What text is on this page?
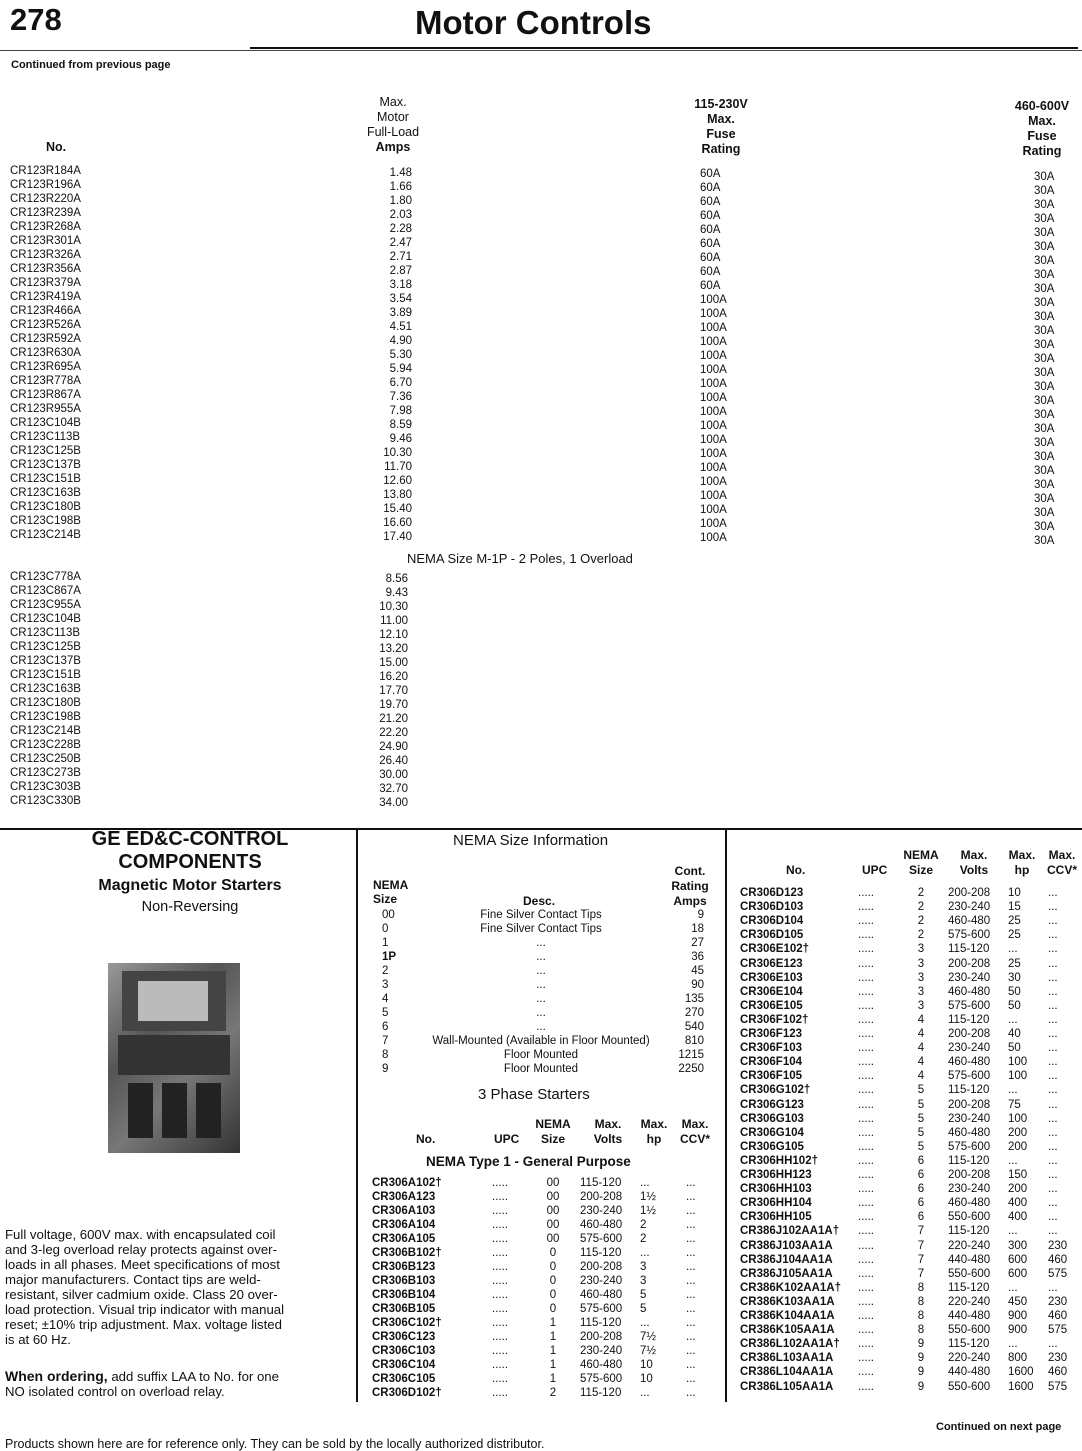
278	Motor Controls
Continued from previous page
No.
Max.
Motor
Full-Load
Amps
115-230V
Max.
Fuse
Rating
460-600V
Max.
Fuse
Rating
CR123R184A	1.48	60A	30A
CR123R196A	1.66	60A	30A
CR123R220A	1.80	60A	30A
CR123R239A	2.03	60A	30A
CR123R268A	2.28	60A	30A
CR123R301A	2.47	60A	30A
CR123R326A	2.71	60A	30A
CR123R356A	2.87	60A	30A
CR123R379A	3.18	60A	30A
CR123R419A	3.54	100A	30A
CR123R466A	3.89	100A	30A
CR123R526A	4.51	100A	30A
CR123R592A	4.90	100A	30A
CR123R630A	5.30	100A	30A
CR123R695A	5.94	100A	30A
CR123R778A	6.70	100A	30A
CR123R867A	7.36	100A	30A
CR123R955A	7.98	100A	30A
CR123C104B	8.59	100A	30A
CR123C113B	9.46	100A	30A
CR123C125B	10.30	100A	30A
CR123C137B	11.70	100A	30A
CR123C151B	12.60	100A	30A
CR123C163B	13.80	100A	30A
CR123C180B	15.40	100A	30A
CR123C198B	16.60	100A	30A
CR123C214B	17.40	100A	30A
NEMA Size M-1P - 2 Poles, 1 Overload
CR123C778A	8.56
CR123C867A	9.43
CR123C955A	10.30
CR123C104B	11.00
CR123C113B	12.10
CR123C125B	13.20
CR123C137B	15.00
CR123C151B	16.20
CR123C163B	17.70
CR123C180B	19.70
CR123C198B	21.20
CR123C214B	22.20
CR123C228B	24.90
CR123C250B	26.40
CR123C273B	30.00
CR123C303B	32.70
CR123C330B	34.00
GE ED&C-CONTROL
COMPONENTS
Magnetic Motor Starters
Non-Reversing
Full voltage, 600V max. with encapsulated coil
and 3-leg overload relay protects against over-
loads in all phases. Meet specifications of most
major manufacturers. Contact tips are weld-
resistant, silver cadmium oxide. Class 20 over-
load protection. Visual trip indicator with manual
reset; ±10% trip adjustment. Max. voltage listed
is at 60 Hz.
When ordering, add suffix LAA to No. for one
NO isolated control on overload relay.
NEMA Size Information
NEMA
Size	Desc.
Cont.
Rating
Amps
00	Fine Silver Contact Tips	9
0	Fine Silver Contact Tips	18
1	...	27
1P	...	36
2	...	45
3	...	90
4	...	135
5	...	270
6	...	540
7	Wall-Mounted (Available in Floor Mounted)	810
8	Floor Mounted	1215
9	Floor Mounted	2250
3 Phase Starters
No.	UPC
NEMA
Size
Max.
Volts
Max.
hp
Max.
CCV*
NEMA Type 1 - General Purpose
CR306A102†	.....	00	115-120 ...	...
CR306A123	.....	00	200-208 1½	...
CR306A103	.....	00	230-240 1½	...
CR306A104	.....	00	460-480 2	...
CR306A105	.....	00	575-600 2	...
CR306B102†	.....	0	115-120 ...	...
CR306B123	.....	0	200-208 3	...
CR306B103	.....	0	230-240 3	...
CR306B104	.....	0	460-480 5	...
CR306B105	.....	0	575-600 5	...
CR306C102†	.....	1	115-120 ...	...
CR306C123	.....	1	200-208 7½	...
CR306C103	.....	1	230-240 7½	...
CR306C104	.....	1	460-480 10	...
CR306C105	.....	1	575-600 10	...
CR306D102†	.....	2	115-120 ...	...
No.	UPC
NEMA
Size
Max.
Volts
Max.
hp
Max.
CCV*
CR306D123	.....	2	200-208 10	...
CR306D103	.....	2	230-240 15	...
CR306D104	.....	2	460-480 25	...
CR306D105	.....	2	575-600 25	...
CR306E102†	.....	3	115-120 ...	...
CR306E123	.....	3	200-208 25	...
CR306E103	.....	3	230-240 30	...
CR306E104	.....	3	460-480 50	...
CR306E105	.....	3	575-600 50	...
CR306F102†	.....	4	115-120 ...	...
CR306F123	.....	4	200-208 40	...
CR306F103	.....	4	230-240 50	...
CR306F104	.....	4	460-480 100	...
CR306F105	.....	4	575-600 100	...
CR306G102†	.....	5	115-120 ...	...
CR306G123	.....	5	200-208 75	...
CR306G103	.....	5	230-240 100	...
CR306G104	.....	5	460-480 200	...
CR306G105	.....	5	575-600 200	...
CR306HH102†	.....	6	115-120 ...	...
CR306HH123	.....	6	200-208 150	...
CR306HH103	.....	6	230-240 200	...
CR306HH104	.....	6	460-480 400	...
CR306HH105	.....	6	550-600 400	...
CR386J102AA1A† .....	7	115-120 ...	...
CR386J103AA1A .....	7	220-240 300	230
CR386J104AA1A .....	7	440-480 600	460
CR386J105AA1A .....	7	550-600 600	575
CR386K102AA1A† .....	8	115-120 ...	...
CR386K103AA1A .....	8	220-240 450	230
CR386K104AA1A .....	8	440-480 900	460
CR386K105AA1A .....	8	550-600 900	575
CR386L102AA1A† .....	9	115-120 ...	...
CR386L103AA1A .....	9	220-240 800	230
CR386L104AA1A .....	9	440-480 1600	460
CR386L105AA1A .....	9	550-600 1600	575
Continued on next page
Products shown here are for reference only. They can be sold by the locally authorized distributor.
